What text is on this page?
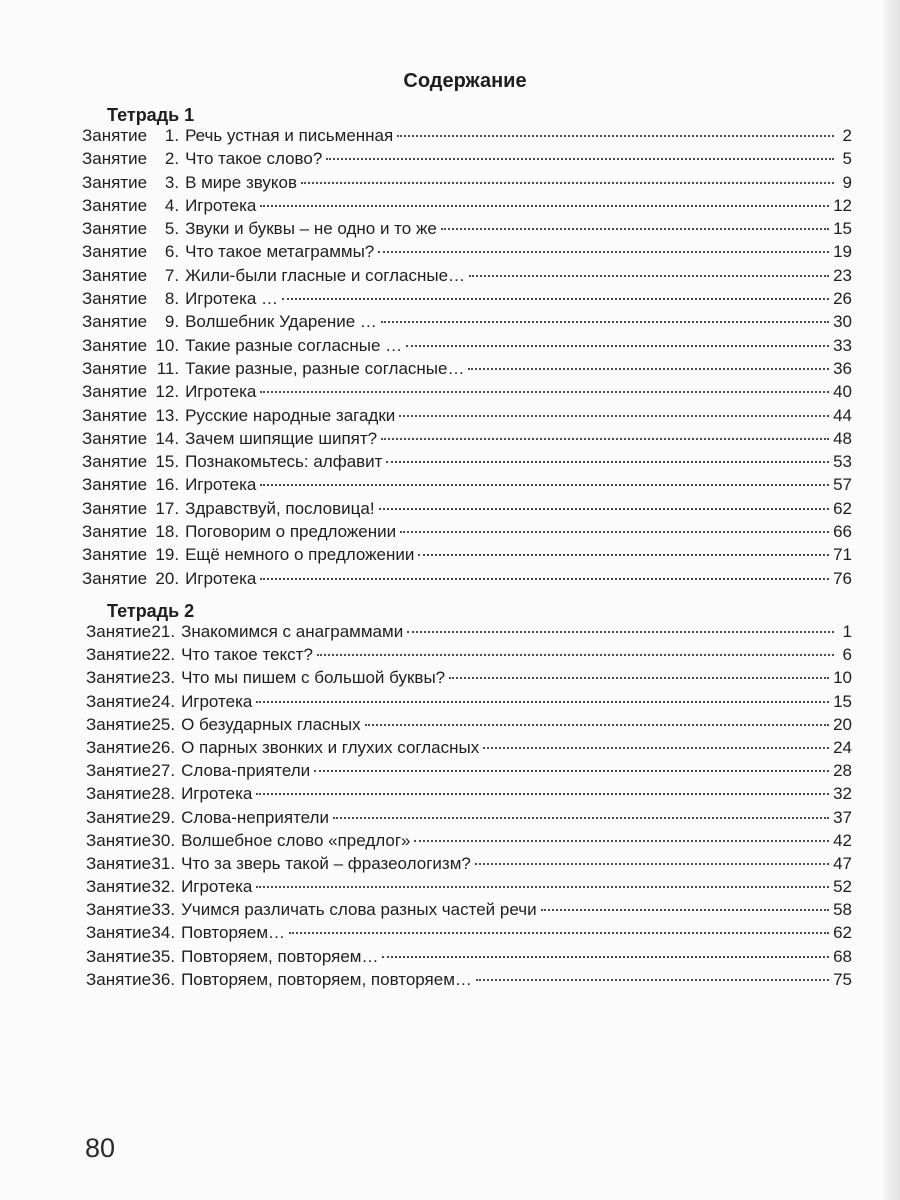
Содержание
Тетрадь 1
Занятие 1. Речь устная и письменная	2
Занятие 2. Что такое слово?	5
Занятие 3. В мире звуков	9
Занятие 4. Игротека	12
Занятие 5. Звуки и буквы – не одно и то же	15
Занятие 6. Что такое метаграммы?	19
Занятие 7. Жили-были гласные и согласные…	23
Занятие 8. Игротека …	26
Занятие 9. Волшебник Ударение …	30
Занятие 10. Такие разные согласные …	33
Занятие 11. Такие разные, разные согласные…	36
Занятие 12. Игротека	40
Занятие 13. Русские народные загадки	44
Занятие 14. Зачем шипящие шипят?	48
Занятие 15. Познакомьтесь: алфавит	53
Занятие 16. Игротека	57
Занятие 17. Здравствуй, пословица!	62
Занятие 18. Поговорим о предложении	66
Занятие 19. Ещё немного о предложении	71
Занятие 20. Игротека	76
Тетрадь 2
Занятие21. Знакомимся с анаграммами	1
Занятие22. Что такое текст?	6
Занятие23. Что мы пишем с большой буквы?	10
Занятие24. Игротека	15
Занятие25. О безударных гласных	20
Занятие26. О парных звонких и глухих согласных	24
Занятие27. Слова-приятели	28
Занятие28. Игротека	32
Занятие29. Слова-неприятели	37
Занятие30. Волшебное слово «предлог»	42
Занятие31. Что за зверь такой – фразеологизм?	47
Занятие32. Игротека	52
Занятие33. Учимся различать слова разных частей речи	58
Занятие34. Повторяем…	62
Занятие35. Повторяем, повторяем…	68
Занятие36. Повторяем, повторяем, повторяем…	75
80
